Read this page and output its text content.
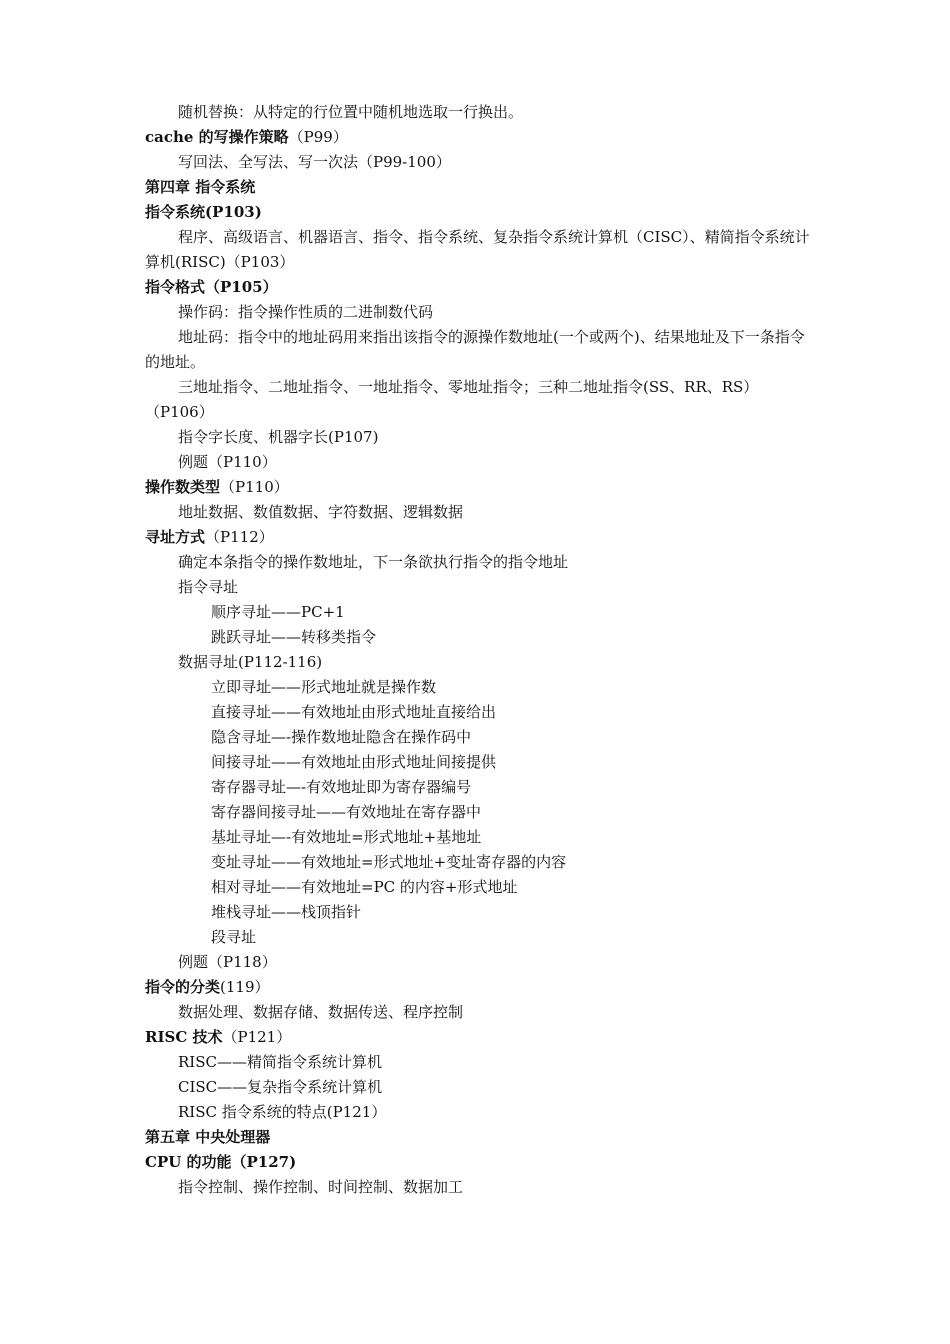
随机替换：从特定的行位置中随机地选取一行换出。
cache 的写操作策略（P99）
写回法、全写法、写一次法（P99-100）
第四章 指令系统
指令系统(P103)
程序、高级语言、机器语言、指令、指令系统、复杂指令系统计算机（CISC）、精简指令系统计算机(RISC)（P103）
指令格式（P105）
操作码：指令操作性质的二进制数代码
地址码：指令中的地址码用来指出该指令的源操作数地址(一个或两个)、结果地址及下一条指令的地址。
三地址指令、二地址指令、一地址指令、零地址指令；三种二地址指令(SS、RR、RS）（P106）
指令字长度、机器字长(P107)
例题（P110）
操作数类型（P110）
地址数据、数值数据、字符数据、逻辑数据
寻址方式（P112）
确定本条指令的操作数地址，下一条欲执行指令的指令地址
指令寻址
顺序寻址——PC+1
跳跃寻址——转移类指令
数据寻址(P112-116)
立即寻址——形式地址就是操作数
直接寻址——有效地址由形式地址直接给出
隐含寻址—-操作数地址隐含在操作码中
间接寻址——有效地址由形式地址间接提供
寄存器寻址—-有效地址即为寄存器编号
寄存器间接寻址——有效地址在寄存器中
基址寻址—-有效地址=形式地址+基地址
变址寻址——有效地址=形式地址+变址寄存器的内容
相对寻址——有效地址=PC 的内容+形式地址
堆栈寻址——栈顶指针
段寻址
例题（P118）
指令的分类(119）
数据处理、数据存储、数据传送、程序控制
RISC 技术（P121）
RISC——精简指令系统计算机
CISC——复杂指令系统计算机
RISC 指令系统的特点(P121）
第五章 中央处理器
CPU 的功能（P127)
指令控制、操作控制、时间控制、数据加工
